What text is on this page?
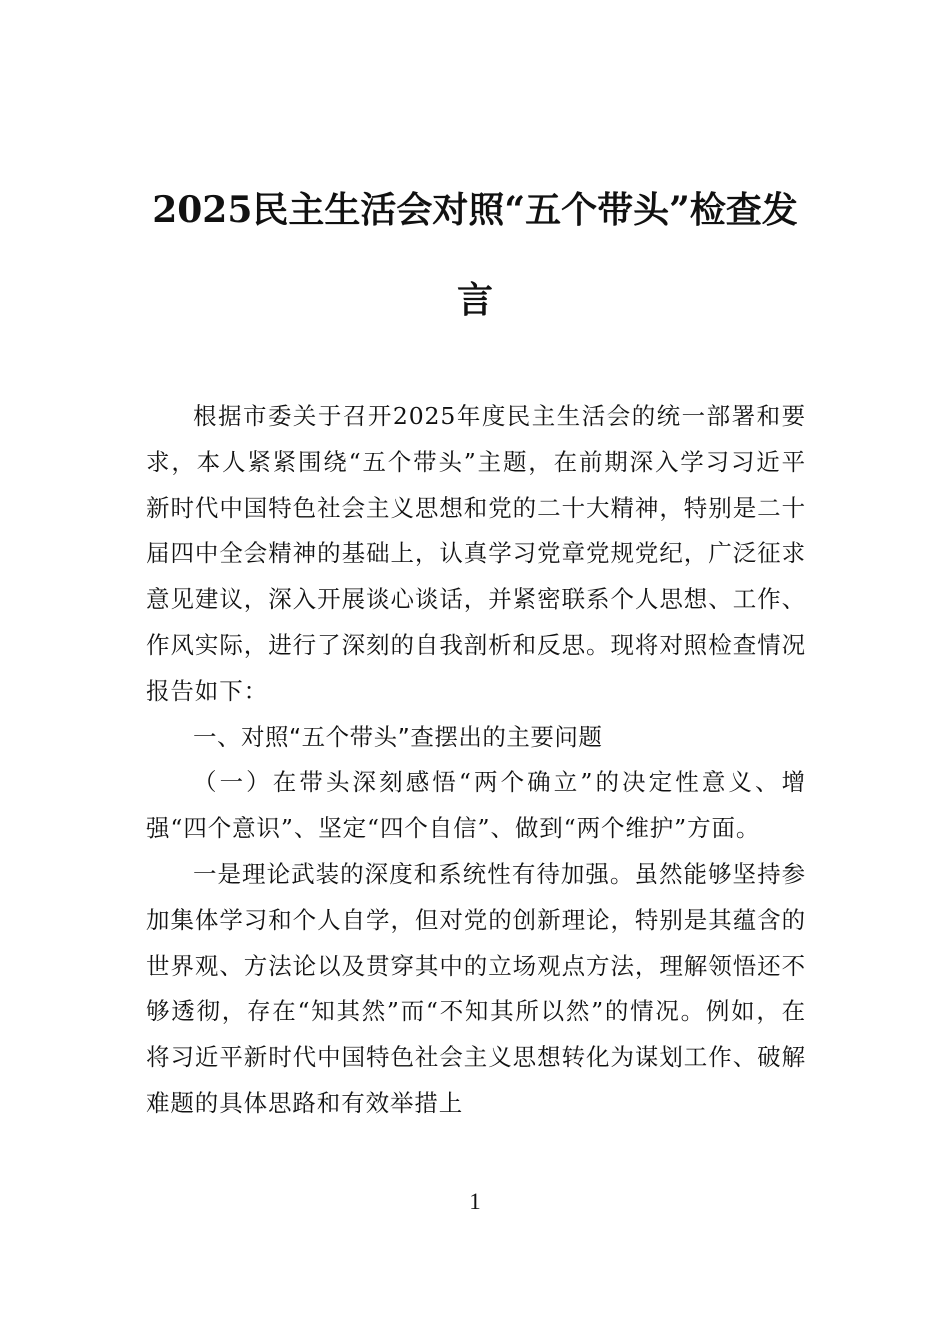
2025民主生活会对照“五个带头”检查发言

根据市委关于召开2025年度民主生活会的统一部署和要求，本人紧紧围绕“五个带头”主题，在前期深入学习习近平新时代中国特色社会主义思想和党的二十大精神，特别是二十届四中全会精神的基础上，认真学习党章党规党纪，广泛征求意见建议，深入开展谈心谈话，并紧密联系个人思想、工作、作风实际，进行了深刻的自我剖析和反思。现将对照检查情况报告如下：

一、对照“五个带头”查摆出的主要问题

（一）在带头深刻感悟“两个确立”的决定性意义、增强“四个意识”、坚定“四个自信”、做到“两个维护”方面。

一是理论武装的深度和系统性有待加强。虽然能够坚持参加集体学习和个人自学，但对党的创新理论，特别是其蕴含的世界观、方法论以及贯穿其中的立场观点方法，理解领悟还不够透彻，存在“知其然”而“不知其所以然”的情况。例如，在将习近平新时代中国特色社会主义思想转化为谋划工作、破解难题的具体思路和有效举措上

1
